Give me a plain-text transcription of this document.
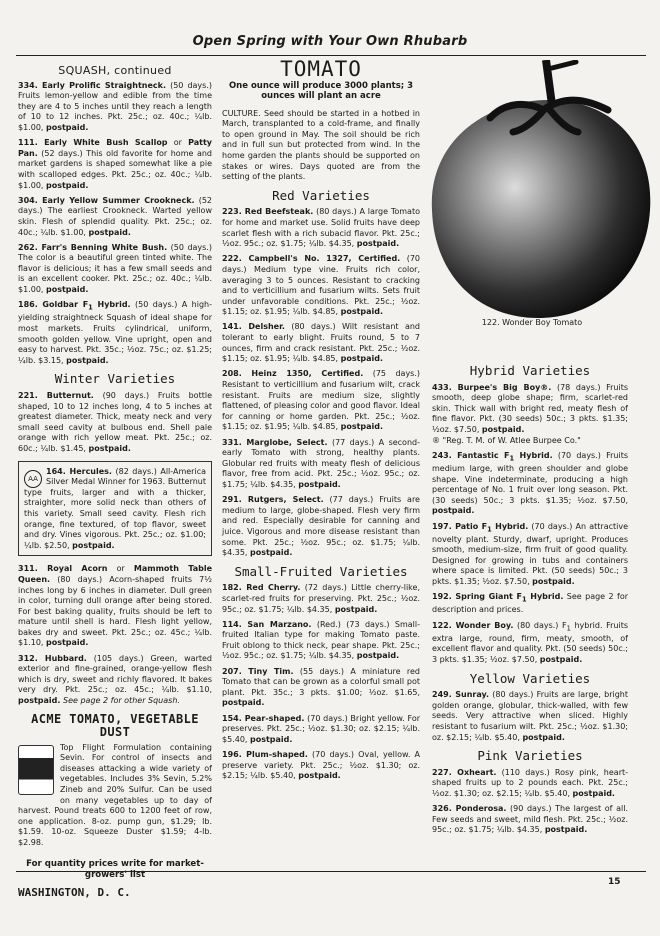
Open Spring with Your Own Rhubarb
SQUASH, continued

334. Early Prolific Straightneck. (50 days.) Fruits lemon-yellow and edible from the time they are 4 to 5 inches until they reach a length of 10 to 12 inches. Pkt. 25c.; oz. 40c.; ¼lb. $1.00, postpaid.

111. Early White Bush Scallop or Patty Pan. (52 days.) This old favorite for home and market gardens is shaped somewhat like a pie with scalloped edges. Pkt. 25c.; oz. 40c.; ¼lb. $1.00, postpaid.

304. Early Yellow Summer Crookneck. (52 days.) The earliest Crookneck. Warted yellow skin. Flesh of splendid quality. Pkt. 25c.; oz. 40c.; ¼lb. $1.00, postpaid.

262. Farr's Benning White Bush. (50 days.) The color is a beautiful green tinted white. The flavor is delicious; it has a few small seeds and is an excellent cooker. Pkt. 25c.; oz. 40c.; ¼lb. $1.00, postpaid.

186. Goldbar $F_1$ Hybrid. (50 days.) A high-yielding straightneck Squash of ideal shape for most markets. Fruits cylindrical, uniform, smooth golden yellow. Vine upright, open and easy to harvest. Pkt. 35c.; ½oz. 75c.; oz. $1.25; ¼lb. $3.15, postpaid.

Winter Varieties

221. Butternut. (90 days.) Fruits bottle shaped, 10 to 12 inches long, 4 to 5 inches at greatest diameter. Thick, meaty neck and very small seed cavity at bulbous end. Shell pale orange with rich yellow meat. Pkt. 25c.; oz. 60c.; ¼lb. $1.45, postpaid.

AA

164. Hercules. (82 days.) All-America Silver Medal Winner for 1963. Butternut type fruits, larger and with a thicker, straighter, more solid neck than others of this variety. Small seed cavity. Flesh rich orange, fine textured, of top flavor, sweet and dry. Vines vigorous. Pkt. 25c.; oz. $1.00; ¼lb. $2.50, postpaid.

311. Royal Acorn or Mammoth Table Queen. (80 days.) Acorn-shaped fruits 7½ inches long by 6 inches in diameter. Dull green in color, turning dull orange after being stored. For best baking quality, fruits should be left to mature until shell is hard. Flesh light yellow, bakes dry and sweet. Pkt. 25c.; oz. 45c.; ¼lb. $1.10, postpaid.

312. Hubbard. (105 days.) Green, warted exterior and fine-grained, orange-yellow flesh which is dry, sweet and richly flavored. It bakes very dry. Pkt. 25c.; oz. 45c.; ¼lb. $1.10, postpaid. See page 2 for other Squash.

ACME TOMATO, VEGETABLE DUST

Top Flight Formulation containing Sevin. For control of insects and diseases attacking a wide variety of vegetables. Includes 3% Sevin, 5.2% Zineb and 20% Sulfur. Can be used on many vegetables up to day of harvest. Pound treats 600 to 1200 feet of row, one application. 8-oz. pump gun, $1.29; lb. $1.59. 10-oz. Squeeze Duster $1.59; 4-lb. $2.98.

For quantity prices write for market-growers' list
TOMATO
One ounce will produce 3000 plants; 3 ounces will plant an acre

CULTURE. Seed should be started in a hotbed in March, transplanted to a cold-frame, and finally to open ground in May. The soil should be rich and in full sun but protected from wind. In the home garden the plants should be supported on stakes or wires. Days quoted are from the setting of the plants.

Red Varieties

223. Red Beefsteak. (80 days.) A large Tomato for home and market use. Solid fruits have deep scarlet flesh with a rich subacid flavor. Pkt. 25c.; ½oz. 95c.; oz. $1.75; ¼lb. $4.35, postpaid.

222. Campbell's No. 1327, Certified. (70 days.) Medium type vine. Fruits rich color, averaging 3 to 5 ounces. Resistant to cracking and to verticillium and fusarium wilts. Sets fruit under unfavorable conditions. Pkt. 25c.; ½oz. $1.15; oz. $1.95; ¼lb. $4.85, postpaid.

141. Delsher. (80 days.) Wilt resistant and tolerant to early blight. Fruits round, 5 to 7 ounces, firm and crack resistant. Pkt. 25c.; ½oz. $1.15; oz. $1.95; ¼lb. $4.85, postpaid.

208. Heinz 1350, Certified. (75 days.) Resistant to verticillium and fusarium wilt, crack resistant. Fruits are medium size, slightly flattened, of pleasing color and good flavor. Ideal for canning or home garden. Pkt. 25c.; ½oz. $1.15; oz. $1.95; ¼lb. $4.85, postpaid.

331. Marglobe, Select. (77 days.) A second-early Tomato with strong, healthy plants. Globular red fruits with meaty flesh of delicious flavor, free from acid. Pkt. 25c.; ½oz. 95c.; oz. $1.75; ¼lb. $4.35, postpaid.

291. Rutgers, Select. (77 days.) Fruits are medium to large, globe-shaped. Flesh very firm and red. Especially desirable for canning and juice. Vigorous and more disease resistant than some. Pkt. 25c.; ½oz. 95c.; oz. $1.75; ¼lb. $4.35, postpaid.

Small-Fruited Varieties

182. Red Cherry. (72 days.) Little cherry-like, scarlet-red fruits for preserving. Pkt. 25c.; ½oz. 95c.; oz. $1.75; ¼lb. $4.35, postpaid.

114. San Marzano. (Red.) (73 days.) Small-fruited Italian type for making Tomato paste. Fruit oblong to thick neck, pear shape. Pkt. 25c.; ½oz. 95c.; oz. $1.75; ¼lb. $4.35, postpaid.

207. Tiny Tim. (55 days.) A miniature red Tomato that can be grown as a colorful small pot plant. Pkt. 35c.; 3 pkts. $1.00; ½oz. $1.65, postpaid.

154. Pear-shaped. (70 days.) Bright yellow. For preserves. Pkt. 25c.; ½oz. $1.30; oz. $2.15; ¼lb. $5.40, postpaid.

196. Plum-shaped. (70 days.) Oval, yellow. A preserve variety. Pkt. 25c.; ½oz. $1.30; oz. $2.15; ¼lb. $5.40, postpaid.

122. Wonder Boy Tomato
Hybrid Varieties

433. Burpee's Big Boy®. (78 days.) Fruits smooth, deep globe shape; firm, scarlet-red skin. Thick wall with bright red, meaty flesh of fine flavor. Pkt. (30 seeds) 50c.; 3 pkts. $1.35; ½oz. $7.50, postpaid.
® "Reg. T. M. of W. Atlee Burpee Co."

243. Fantastic $F_1$ Hybrid. (70 days.) Fruits medium large, with green shoulder and globe shape. Vine indeterminate, producing a high percentage of No. 1 fruit over long season. Pkt. (30 seeds) 50c.; 3 pkts. $1.35; ½oz. $7.50, postpaid.

197. Patio $F_1$ Hybrid. (70 days.) An attractive novelty plant. Sturdy, dwarf, upright. Produces smooth, medium-size, firm fruit of good quality. Designed for growing in tubs and containers where space is limited. Pkt. (50 seeds) 50c.; 3 pkts. $1.35; ½oz. $7.50, postpaid.

192. Spring Giant $F_1$ Hybrid. See page 2 for description and prices.

122. Wonder Boy. (80 days.) $F_1$ hybrid. Fruits extra large, round, firm, meaty, smooth, of excellent flavor and quality. Pkt. (50 seeds) 50c.; 3 pkts. $1.35; ½oz. $7.50, postpaid.

Yellow Varieties

249. Sunray. (80 days.) Fruits are large, bright golden orange, globular, thick-walled, with few seeds. Very attractive when sliced. Highly resistant to fusarium wilt. Pkt. 25c.; ½oz. $1.30; oz. $2.15; ¼lb. $5.40, postpaid.

Pink Varieties

227. Oxheart. (110 days.) Rosy pink, heart-shaped fruits up to 2 pounds each. Pkt. 25c.; ½oz. $1.30; oz. $2.15; ¼lb. $5.40, postpaid.

326. Ponderosa. (90 days.) The largest of all. Few seeds and sweet, mild flesh. Pkt. 25c.; ½oz. 95c.; oz. $1.75; ¼lb. $4.35, postpaid.

WASHINGTON, D. C.
15
